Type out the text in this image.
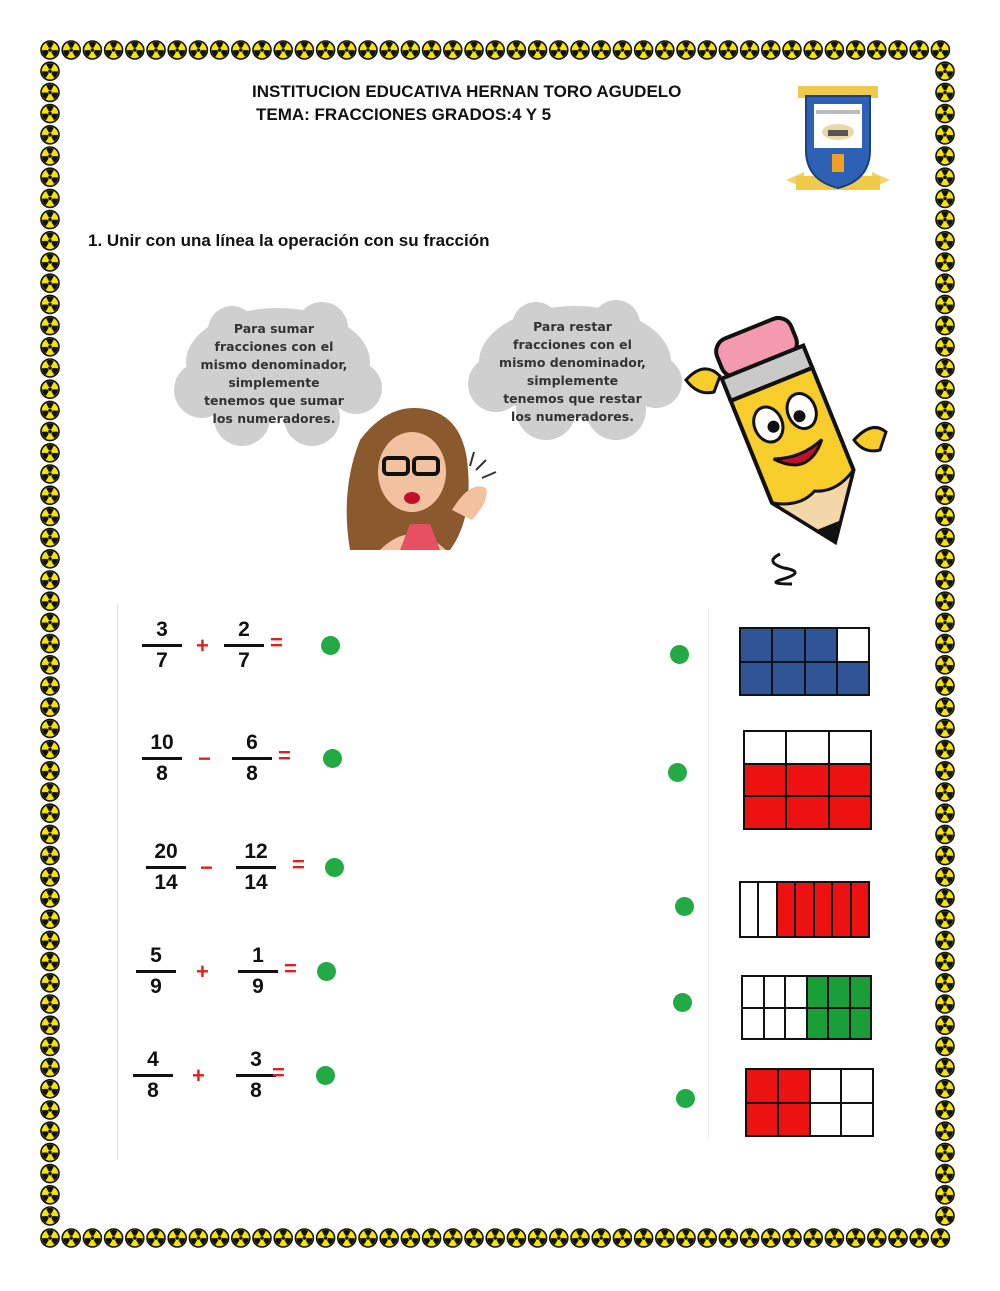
INSTITUCION EDUCATIVA HERNAN TORO AGUDELO
TEMA: FRACCIONES GRADOS:4 Y 5
1. Unir con una línea la operación con su fracción
Para sumar
fracciones con el
mismo denominador,
simplemente
tenemos que sumar
los numeradores.
Para restar
fracciones con el
mismo denominador,
simplemente
tenemos que restar
los numeradores.
3
7
+
2
7
=
10
8
−
6
8
=
20
14
−
12
14
=
5
9
+
1
9
=
4
8
+
3
8
=
